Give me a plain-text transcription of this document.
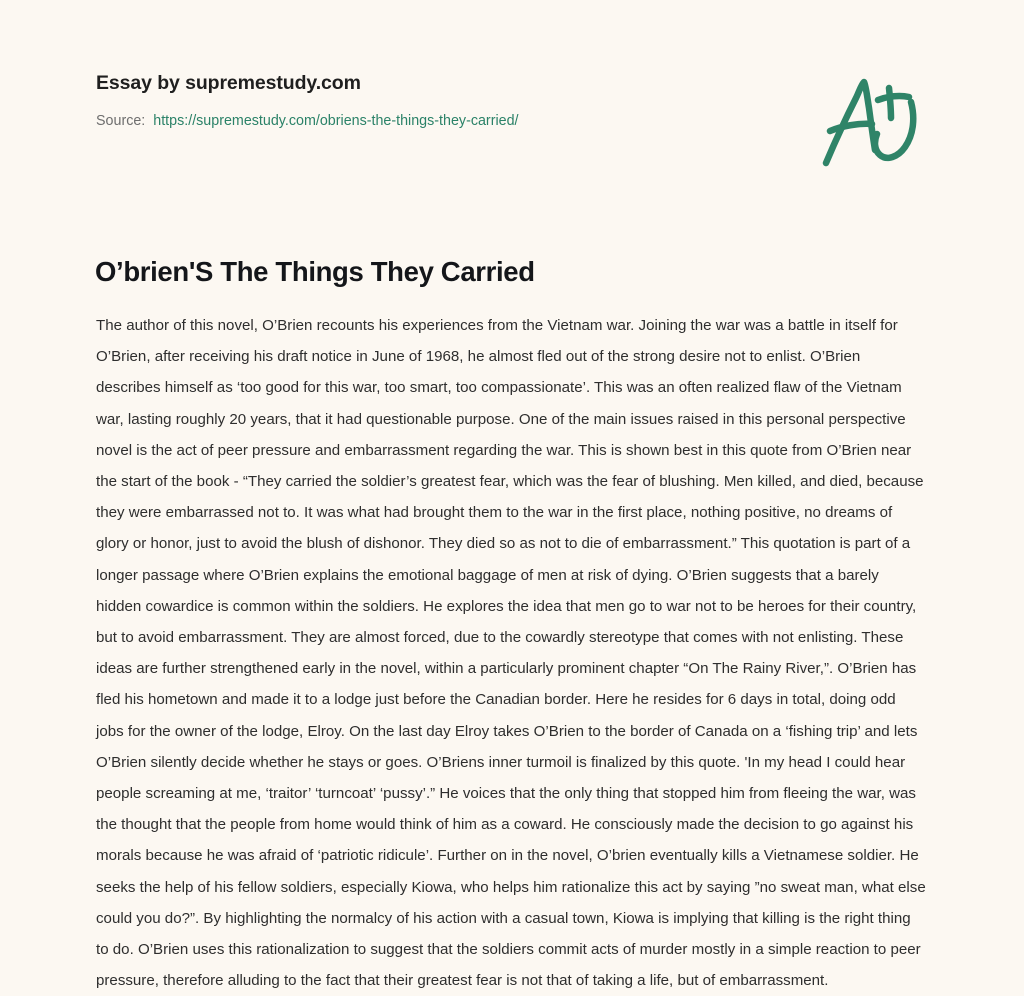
Essay by supremestudy.com
Source: https://supremestudy.com/obriens-the-things-they-carried/
O’brien'S The Things They Carried

The author of this novel, O’Brien recounts his experiences from the Vietnam war. Joining the war was a battle in itself for O’Brien, after receiving his draft notice in June of 1968, he almost fled out of the strong desire not to enlist. O’Brien describes himself as ‘too good for this war, too smart, too compassionate’. This was an often realized flaw of the Vietnam war, lasting roughly 20 years, that it had questionable purpose. One of the main issues raised in this personal perspective novel is the act of peer pressure and embarrassment regarding the war. This is shown best in this quote from O’Brien near the start of the book - “They carried the soldier’s greatest fear, which was the fear of blushing. Men killed, and died, because they were embarrassed not to. It was what had brought them to the war in the first place, nothing positive, no dreams of glory or honor, just to avoid the blush of dishonor. They died so as not to die of embarrassment.” This quotation is part of a longer passage where O’Brien explains the emotional baggage of men at risk of dying. O’Brien suggests that a barely hidden cowardice is common within the soldiers. He explores the idea that men go to war not to be heroes for their country, but to avoid embarrassment. They are almost forced, due to the cowardly stereotype that comes with not enlisting. These ideas are further strengthened early in the novel, within a particularly prominent chapter “On The Rainy River,”. O’Brien has fled his hometown and made it to a lodge just before the Canadian border. Here he resides for 6 days in total, doing odd jobs for the owner of the lodge, Elroy. On the last day Elroy takes O’Brien to the border of Canada on a ‘fishing trip’ and lets O’Brien silently decide whether he stays or goes. O’Briens inner turmoil is finalized by this quote. 'In my head I could hear people screaming at me, ‘traitor’ ‘turncoat’ ‘pussy’.” He voices that the only thing that stopped him from fleeing the war, was the thought that the people from home would think of him as a coward. He consciously made the decision to go against his morals because he was afraid of ‘patriotic ridicule’. Further on in the novel, O’brien eventually kills a Vietnamese soldier. He seeks the help of his fellow soldiers, especially Kiowa, who helps him rationalize this act by saying ”no sweat man, what else could you do?”. By highlighting the normalcy of his action with a casual town, Kiowa is implying that killing is the right thing to do. O’Brien uses this rationalization to suggest that the soldiers commit acts of murder mostly in a simple reaction to peer pressure, therefore alluding to the fact that their greatest fear is not that of taking a life, but of embarrassment.
